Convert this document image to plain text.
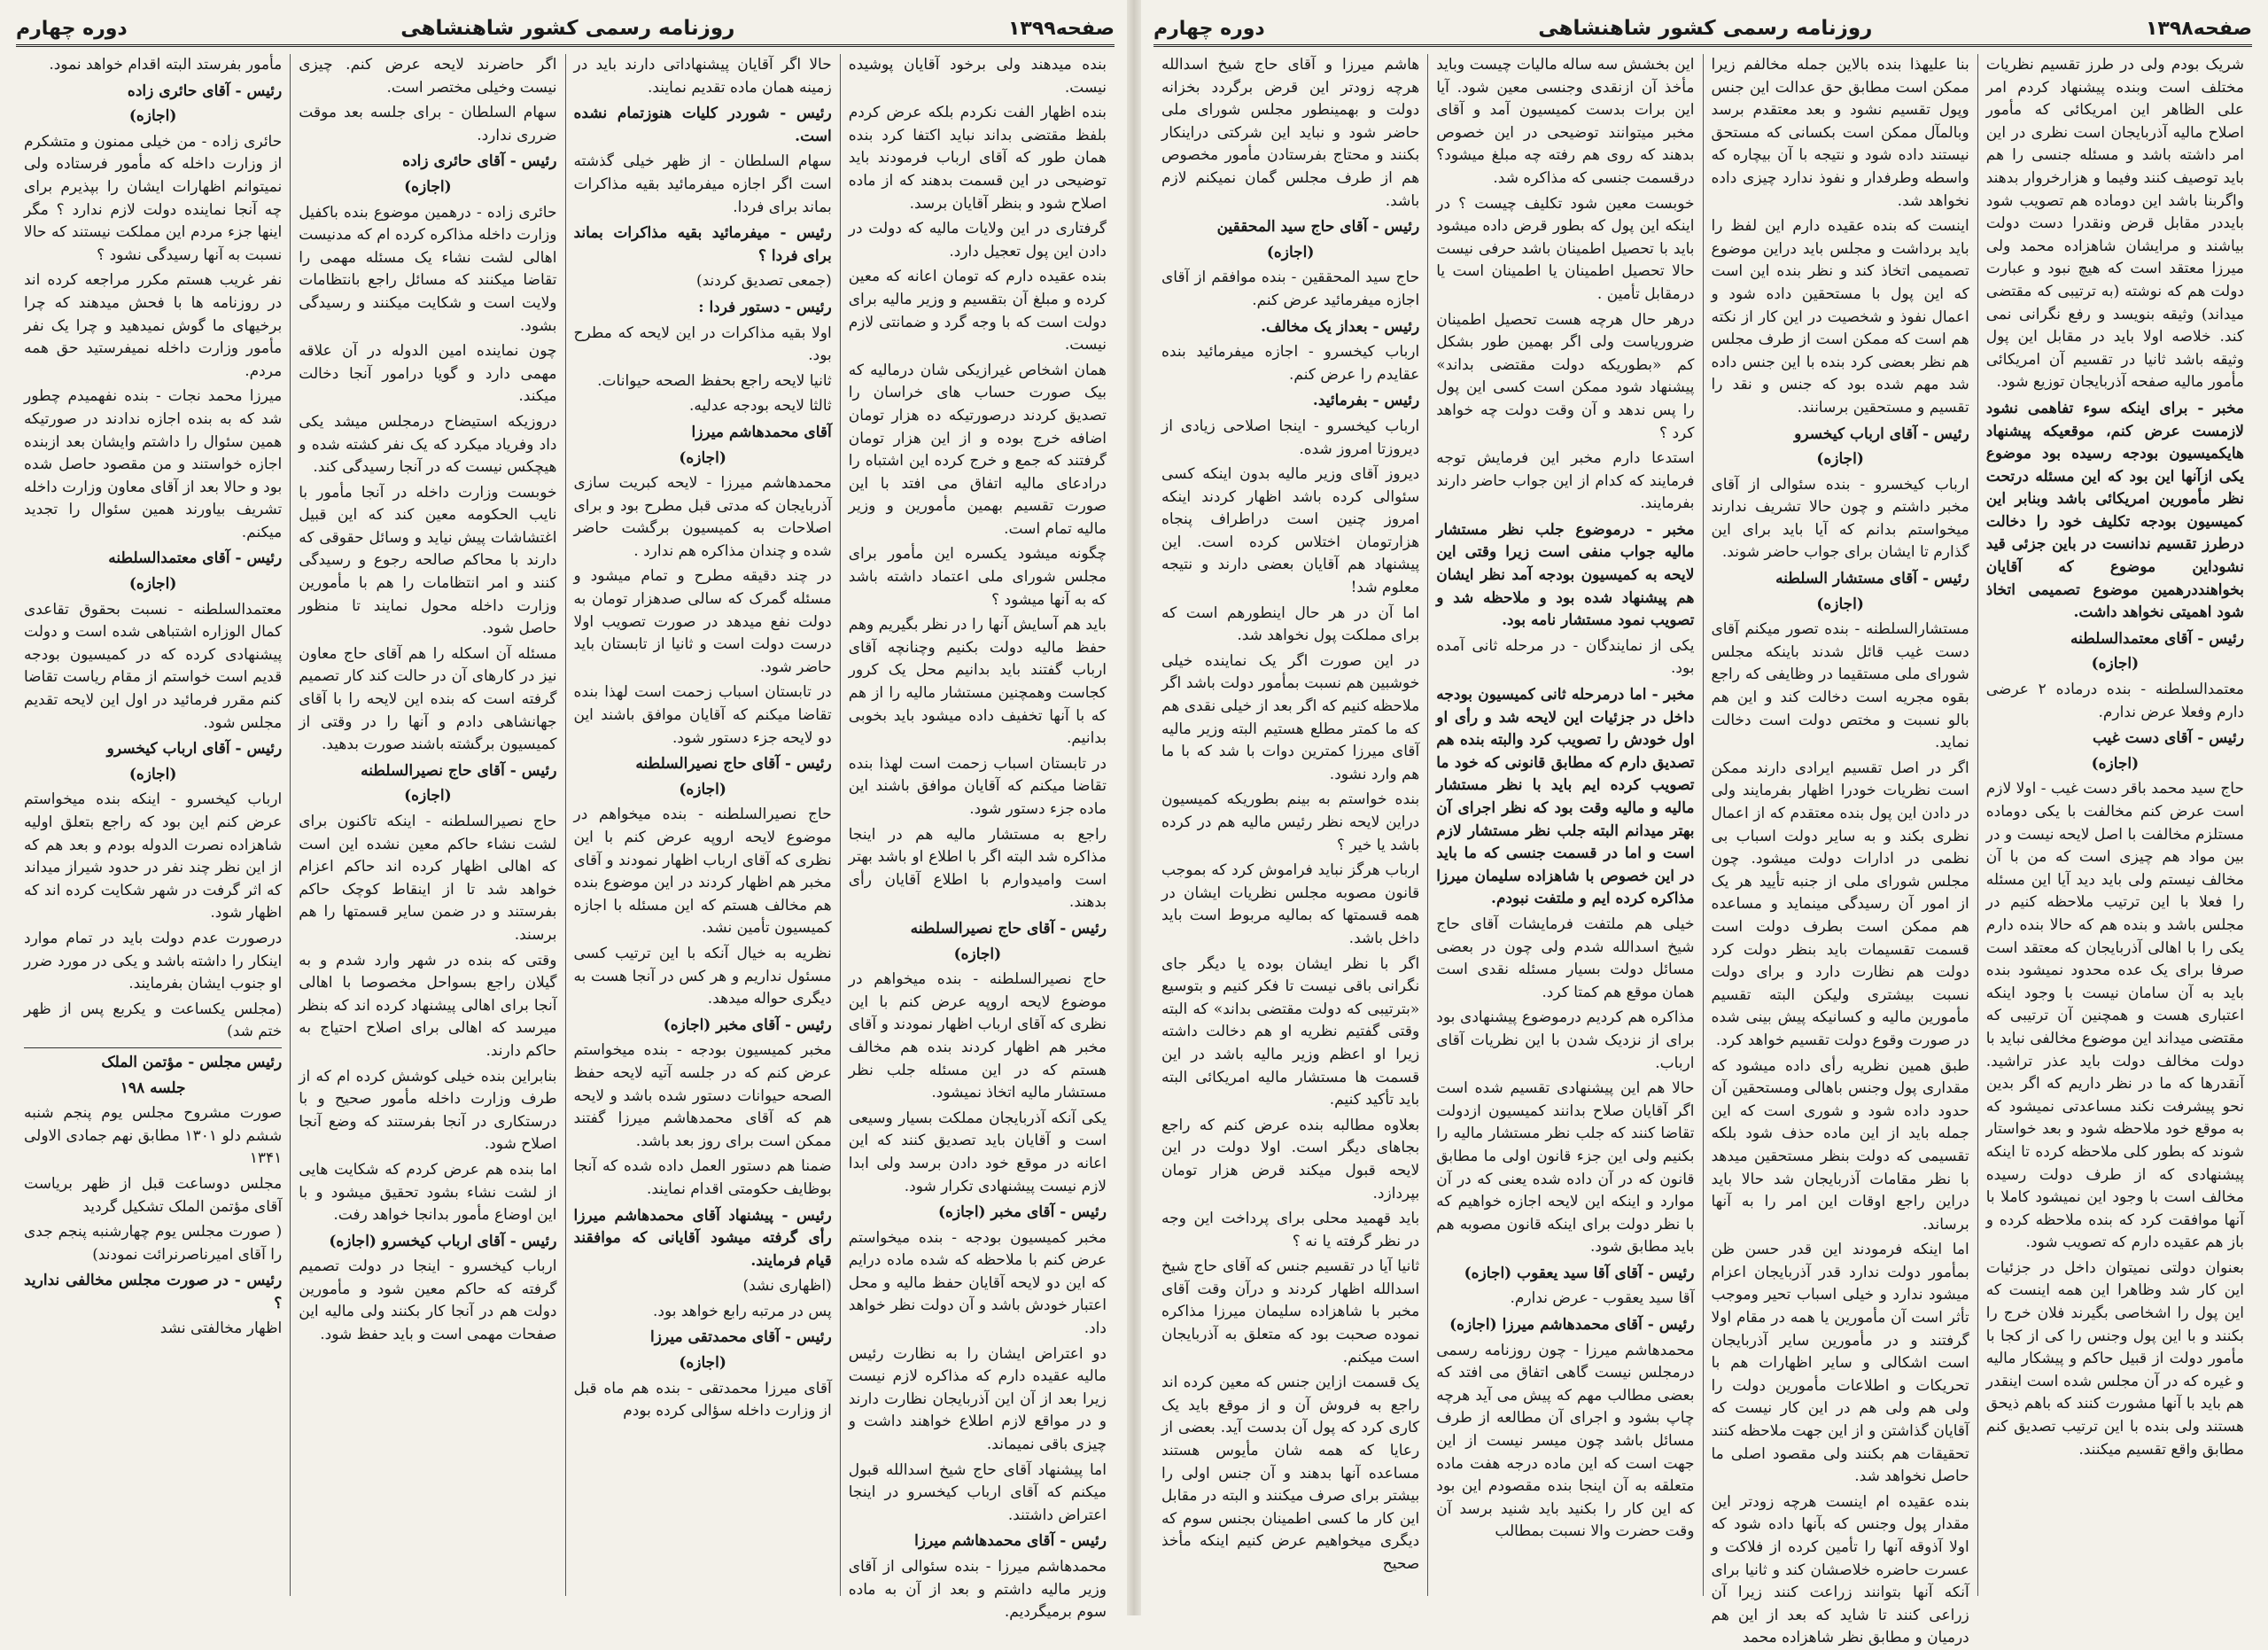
صفحه۱۳۹۸
روزنامه رسمی کشور شاهنشاهی
دوره چهارم

شریک بودم ولی در طرز تقسیم نظریات مختلف است وبنده پیشنهاد کردم امر علی الظاهر این امریکائی که مأمور اصلاح مالیه آذربایجان است نظری در این امر داشته باشد و مسئله جنسی را هم باید توصیف کنند وفیما و هزارخروار بدهند واگربنا باشد این دوماده هم تصویب شود بایددر مقابل قرض ونقدرا دست دولت بیاشند و مرایشان شاهزاده محمد ولی میرزا معتقد است که هیچ نبود و عبارت دولت هم که نوشته (به ترتیبی که مقتضی میداند) وثیقه بنویسد و رفع نگرانی نمی کند. خلاصه اولا باید در مقابل این پول وثیقه باشد ثانیا در تقسیم آن امریکائی مأمور مالیه صفحه آذربایجان توزیع شود.

مخبر - برای اینکه سوء تفاهمی نشود لازمست عرض کنم، موقعیکه پیشنهاد هایکمیسیون بودجه رسیده بود موضوع یکی ازآنها این بود که این مسئله درتحت نظر مأمورین امریکائی باشد وبنابر این کمیسیون بودجه تکلیف خود را دخالت درطرز تقسیم ندانست در باین جزئی قید نشوداین موضوع که آقایان بخواهنددرهمین موضوع تصمیمی اتخاذ شود اهمیتی نخواهد داشت.

رئیس - آقای معتمدالسلطنه

(اجازه)

معتمدالسلطنه - بنده درماده ۲ عرضی دارم وفعلا عرض ندارم.

رئیس - آقای دست غیب

(اجازه)

حاج سید محمد باقر دست غیب - اولا لازم است عرض کنم مخالفت با یکی دوماده مستلزم مخالفت با اصل لایحه نیست و در بین مواد هم چیزی است که من با آن مخالف نیستم ولی باید دید آیا این مسئله را فعلا با این ترتیب ملاحظه کنیم در مجلس باشد و بنده هم که حالا بنده دارم یکی را با اهالی آذربایجان که معتقد است صرفا برای یک عده محدود نمیشود بنده باید به آن سامان نیست با وجود اینکه اعتباری هست و همچنین آن ترتیبی که مقتضی میداند این موضوع مخالفی نباید با دولت مخالف دولت باید عذر تراشید. آنقدرها که ما در نظر داریم که اگر بدین نحو پیشرفت نکند مساعدتی نمیشود که به موقع خود ملاحظه شود و بعد خواستار شوند که بطور کلی ملاحظه کرده تا اینکه پیشنهادی که از طرف دولت رسیده مخالف است با وجود این نمیشود کاملا با آنها موافقت کرد که بنده ملاحظه کرده و باز هم عقیده دارم که تصویب شود.

بعنوان دولتی نمیتوان داخل در جزئیات این کار شد وظاهرا این همه اینست که این پول را اشخاصی بگیرند فلان خرج را بکنند و با این پول وجنس را کی از کجا با مأمور دولت از قبیل حاکم و پیشکار مالیه و غیره که در آن مجلس شده است اینقدر هم باید با آنها مشورت کنند که باهم ذیحق هستند ولی بنده با این ترتیب تصدیق کنم مطابق واقع تقسیم میکنند.

بنا علیهذا بنده بالاین جمله مخالفم زیرا ممکن است مطابق حق عدالت این جنس وپول تقسیم نشود و بعد معتقدم برسد وبالمآل ممکن است بکسانی که مستحق نیستند داده شود و نتیجه با آن بیچاره که واسطه وطرفدار و نفوذ ندارد چیزی داده نخواهد شد.

اینست که بنده عقیده دارم این لفظ را باید برداشت و مجلس باید دراین موضوع تصمیمی اتخاذ کند و نظر بنده این است که این پول با مستحقین داده شود و اعمال نفوذ و شخصیت در این کار از نکته هم است که ممکن است از طرف مجلس هم نظر بعضی کرد بنده با این جنس داده شد مهم شده بود که جنس و نقد را تقسیم و مستحقین برسانند.

رئیس - آقای ارباب کیخسرو

(اجازه)

ارباب کیخسرو - بنده سئوالی از آقای مخبر داشتم و چون حالا تشریف ندارند میخواستم بدانم که آیا باید برای این گذارم تا ایشان برای جواب حاضر شوند.

رئیس - آقای مستشار السلطنه

(اجازه)

مستشارالسلطنه - بنده تصور میکنم آقای دست غیب قائل شدند باینکه مجلس شورای ملی مستقیما در وظایفی که راجع بقوه مجریه است دخالت کند و این هم بالو نسبت و مختص دولت است دخالت نماید.

اگر در اصل تقسیم ایرادی دارند ممکن است نظریات خودرا اظهار بفرمایند ولی در دادن این پول بنده معتقدم که از اعمال نظری بکند و به ساير دولت اسباب بی نظمی در ادارات دولت میشود. چون مجلس شورای ملی از جنبه تأیید هر یک از امور آن رسیدگی مینماید و مساعده هم ممکن است بطرف دولت است قسمت تقسیمات باید بنظر دولت کرد دولت هم نظارت دارد و برای دولت نسبت بیشتری ولیکن البته تقسیم مأمورین مالیه و کسانیکه پیش بینی شده در صورت وقوع دولت تقسیم خواهد کرد.

طبق همین نظریه رأی داده میشود که مقداری پول وجنس باهالی ومستحقین آن حدود داده شود و شوری است که این جمله باید از این ماده حذف شود بلکه تقسیمی که دولت بنظر مستحقین میدهد با نظر مقامات آذربایجان شد حالا باید دراین راجع اوقات این امر را به آنها برساند.

اما اینکه فرمودند این قدر حسن ظن بمأمور دولت ندارد قدر آذربایجان اعزام میشود ندارد و خیلی اسباب تحیر وموجب تأثر است آن مأمورین یا همه در مقام اولا گرفتند و در مأمورین سایر آذربایجان است اشکالی و سایر اظهارات هم با تحریکات و اطلاعات مأمورین دولت را ولی هم ولی هم در این کار نیست که آقایان گذاشتن و از این جهت ملاحظه کنند تحقیقات هم بکنند ولی مقصود اصلی ما حاصل نخواهد شد.

بنده عقیده ام اینست هرچه زودتر این مقدار پول وجنس که بآنها داده شود که اولا آذوقه آنها را تأمین کرده از فلاکت و عسرت حاضره خلاصشان کند و ثانیا برای آنکه آنها بتوانند زراعت کنند زیرا آن زراعی کنند تا شاید که بعد از این هم درمیان و مطابق نظر شاهزاده محمد

این بخشش سه ساله مالیات چیست وباید مأخذ آن ازنقدی وجنسی معین شود. آیا این برات بدست کمیسیون آمد و آقای مخبر میتوانند توضیحی در این خصوص بدهند که روی هم رفته چه مبلغ میشود؟ درقسمت جنسی که مذاکره شد.

خوبست معین شود تکلیف چیست ؟ در اینکه این پول که بطور قرض داده میشود باید با تحصیل اطمینان باشد حرفی نیست حالا تحصیل اطمینان یا اطمینان است یا درمقابل تأمین .

درهر حال هرچه هست تحصیل اطمینان ضروریاست ولی اگر بهمین طور بشکل کم «بطوریکه دولت مقتضی بداند» پیشنهاد شود ممکن است کسی این پول را پس ندهد و آن وقت دولت چه خواهد کرد ؟

استدعا دارم مخبر این فرمایش توجه فرمایند که کدام از این جواب حاضر دارند بفرمایند.

مخبر - درموضوع جلب نظر مستشار مالیه جواب منفی است زیرا وقتی این لایحه به کمیسیون بودجه آمد نظر ایشان هم پیشنهاد شده بود و ملاحظه شد و تصویب نمود مستشار نامه بود.

یکی از نمایندگان - در مرحله ثانی آمده بود.

مخبر - اما درمرحله ثانی کمیسیون بودجه داخل در جزئیات این لایحه شد و رأی او اول خودش را تصویب کرد والبته بنده هم تصدیق دارم که مطابق قانونی که خود ما تصویب کرده ایم باید با نظر مستشار مالیه و مالیه وقت بود که نظر اجرای آن بهتر میدانم البته جلب نظر مستشار لازم است و اما در قسمت جنسی که ما باید در این خصوص با شاهزاده سلیمان میرزا مذاکره کرده ایم و ملتفت نبودم.

خیلی هم ملتفت فرمایشات آقای حاج شیخ اسدالله شدم ولی چون در بعضی مسائل دولت بسیار مسئله نقدی است همان موقع هم کمتا کرد.

مذاکره هم کردیم درموضوع پیشنهادی بود برای از نزدیک شدن با این نظریات آقای ارباب.

حالا هم این پیشنهادی تقسیم شده است اگر آقایان صلاح بدانند کمیسیون ازدولت تقاضا کنند که جلب نظر مستشار مالیه را بکنیم ولی این جزء قانون اولی ما مطابق قانون که در آن داده شده یعنی که در آن موارد و اینکه این لایحه اجازه خواهیم که با نظر دولت برای اینکه قانون مصوبه هم باید مطابق شود.

رئیس - آقای آقا سید یعقوب (اجازه)

آقا سید یعقوب - عرض ندارم.

رئیس - آقای محمدهاشم میرزا (اجازه)

محمدهاشم میرزا - چون روزنامه رسمی درمجلس نیست گاهی اتفاق می افتد که بعضی مطالب مهم که پیش می آید هرچه چاپ بشود و اجرای آن مطالعه از طرف مسائل باشد چون میسر نیست از این جهت است که این ماده درجه هفت ماده متعلقه به آن اینجا بنده مقصودم این بود که این کار را بکنید باید شنید برسد آن وقت حضرت والا نسبت بمطالب

هاشم میرزا و آقای حاج شیخ اسدالله هرچه زودتر این قرض برگردد بخزانه دولت و بهمینطور مجلس شورای ملی حاضر شود و نباید این شرکتی دراینکار بکنند و محتاج بفرستادن مأمور مخصوص هم از طرف مجلس گمان نمیکنم لازم باشد.

رئیس - آقای حاج سید المحققین

(اجازه)

حاج سید المحققین - بنده موافقم از آقای اجازه میفرمائید عرض کنم.

رئیس - بعداز یک مخالف.

ارباب کیخسرو - اجازه میفرمائید بنده عقایدم را عرض کنم.

رئیس - بفرمائید.

ارباب کیخسرو - اینجا اصلاحی زیادی از دیروزتا امروز شده.

دیروز آقای وزیر مالیه بدون اینکه کسی سئوالی کرده باشد اظهار کردند اینکه امروز چنین است دراطراف پنجاه هزارتومان اختلاس کرده است. این پیشنهاد هم آقایان بعضی دارند و نتیجه معلوم شد!

اما آن در هر حال اینطورهم است که برای مملکت پول نخواهد شد.

در این صورت اگر یک نماینده خیلی خوشبین هم نسبت بمأمور دولت باشد اگر ملاحظه کنیم که اگر بعد از خیلی نقدی هم که ما کمتر مطلع هستیم البته وزیر مالیه آقای میرزا کمترین دوات با شد که با ما هم وارد نشود.

بنده خواستم به بینم بطوریکه کمیسیون دراین لایحه نظر رئیس مالیه هم در کرده باشد یا خیر ؟

ارباب هرگز نباید فراموش کرد که بموجب قانون مصوبه مجلس نظریات ایشان در همه قسمتها که بمالیه مربوط است باید داخل باشد.

اگر با نظر ایشان بوده یا دیگر جای نگرانی باقی نیست تا فکر کنیم و بتوسیع «بترتیبی که دولت مقتضی بداند» که البته وقتی گفتیم نظریه او هم دخالت داشته زیرا او اعظم وزیر مالیه باشد در این قسمت ها مستشار مالیه امریکائی البته باید تأکید کنیم.

بعلاوه مطالبه بنده عرض کنم که راجع بجاهای دیگر است. اولا دولت در این لایحه قبول میکند قرض هزار تومان بپردازد.

باید قهمید محلی برای پرداخت این وجه در نظر گرفته یا نه ؟

ثانیا آیا در تقسیم جنس که آقای حاج شیخ اسدالله اظهار کردند و درآن وقت آقای مخبر با شاهزاده سلیمان میرزا مذاکره نموده صحبت بود که متعلق به آذربایجان است میکنم.

یک قسمت ازاین جنس که معین کرده اند راجع به فروش آن و از موقع باید یک کاری کرد که پول آن بدست آید. بعضی از رعایا که همه شان مأیوس هستند مساعده آنها بدهند و آن جنس اولی را بیشتر برای صرف میکنند و البته در مقابل این کار ما کسی اطمینان بجنس سوم که دیگری میخواهیم عرض کنیم اینکه مأخذ صحیح

صفحه۱۳۹۹
روزنامه رسمی کشور شاهنشاهی
دوره چهارم

بنده میدهند ولی برخود آقایان پوشیده نیست.

بنده اظهار الفت نکردم بلکه عرض کردم بلفظ مقتضی بداند نباید اکتفا کرد بنده همان طور که آقای ارباب فرمودند باید توضیحی در این قسمت بدهند که از ماده اصلاح شود و بنظر آقایان برسد.

گرفتاری در این ولایات مالیه که دولت در دادن این پول تعجیل دارد.

بنده عقیده دارم که تومان اعانه که معین کرده و مبلغ آن بتقسیم و وزیر مالیه برای دولت است که با وجه گرد و ضمانتی لازم نیست.

همان اشخاص غیرازیکی شان درمالیه که بیک صورت حساب های خراسان را تصدیق کردند درصورتیکه ده هزار تومان اضافه خرج بوده و از این هزار تومان گرفتند که جمع و خرج کرده این اشتباه را درادعای مالیه اتفاق می افتد با این صورت تقسیم بهمین مأمورین و وزیر مالیه تمام است.

چگونه میشود یکسره این مأمور برای مجلس شورای ملی اعتماد داشته باشد که به آنها میشود ؟

باید هم آسایش آنها را در نظر بگیریم وهم حفظ مالیه دولت بکنیم وچنانچه آقای ارباب گفتند باید بدانیم محل یک کرور کجاست وهمچنین مستشار مالیه را از هم که با آنها تخفیف داده میشود باید بخوبی بدانیم.

در تابستان اسباب زحمت است لهذا بنده تقاضا میکنم که آقایان موافق باشند این ماده جزء دستور شود.

راجع به مستشار مالیه هم در اینجا مذاکره شد البته اگر با اطلاع او باشد بهتر است وامیدوارم با اطلاع آقایان رأی بدهند.

رئیس - آقای حاج نصیرالسلطنه

(اجازه)

حاج نصیرالسلطنه - بنده میخواهم در موضوع لایحه اروپه عرض کنم با این نظری که آقای ارباب اظهار نمودند و آقای مخبر هم اظهار کردند بنده هم مخالف هستم که در این مسئله جلب نظر مستشار مالیه اتخاذ نمیشود.

یکی آنکه آذربایجان مملکت بسیار وسیعی است و آقایان باید تصدیق کنند که این اعانه در موقع خود دادن برسد ولی ابدا لازم نیست پیشنهادی تکرار شود.

رئیس - آقای مخبر (اجازه)

مخبر کمیسیون بودجه - بنده میخواستم عرض کنم با ملاحظه که شده ماده درایم که این دو لایحه آقایان حفظ مالیه و محل اعتبار خودش باشد و آن دولت نظر خواهد داد.

دو اعتراض ایشان را به نظارت رئیس مالیه عقیده دارم که مذاکره لازم نیست زیرا بعد از آن این آذربایجان نظارت دارند و در مواقع لازم اطلاع خواهند داشت و چیزی باقی نمیماند.

اما پیشنهاد آقای حاج شیخ اسدالله قبول میکنم که آقای ارباب کیخسرو در اینجا اعتراض داشتند.

رئیس - آقای محمدهاشم میرزا

محمدهاشم میرزا - بنده سئوالی از آقای وزیر مالیه داشتم و بعد از آن به ماده سوم برمیگردیم.

حالا اگر آقایان پیشنهاداتی دارند باید در زمینه همان ماده تقدیم نمایند.

رئیس - شوردر کلیات هنوزتمام نشده است.

سهام السلطان - از ظهر خیلی گذشته است اگر اجازه میفرمائید بقیه مذاکرات بماند برای فردا.

رئیس - میفرمائید بقیه مذاکرات بماند برای فردا ؟

(جمعی تصدیق کردند)

رئیس - دستور فردا :

اولا بقیه مذاکرات در این لایحه که مطرح بود.

ثانیا لایحه راجع بحفظ الصحه حیوانات.

ثالثا لایحه بودجه عدلیه.

آقای محمدهاشم میرزا

(اجازه)

محمدهاشم میرزا - لایحه کبریت سازی آذربایجان که مدتی قبل مطرح بود و برای اصلاحات به کمیسیون برگشت حاضر شده و چندان مذاکره هم ندارد .

در چند دقیقه مطرح و تمام میشود و مسئله گمرک که سالی صدهزار تومان به دولت نفع میدهد در صورت تصویب اولا درست دولت است و ثانیا از تابستان باید حاضر شود.

در تابستان اسباب زحمت است لهذا بنده تقاضا میکنم که آقایان موافق باشند این دو لایحه جزء دستور شود.

رئیس - آقای حاج نصیرالسلطنه

(اجازه)

حاج نصیرالسلطنه - بنده میخواهم در موضوع لایحه اروپه عرض کنم با این نظری که آقای ارباب اظهار نمودند و آقای مخبر هم اظهار کردند در این موضوع بنده هم مخالف هستم که این مسئله با اجازه کمیسیون تأمین نشد.

نظریه به خیال آنکه با این ترتیب کسی مسئول نداریم و هر کس در آنجا هست به دیگری حواله میدهد.

رئیس - آقای مخبر (اجازه)

مخبر کمیسیون بودجه - بنده میخواستم عرض کنم که در جلسه آتیه لایحه حفظ الصحه حیوانات دستور شده باشد و لایحه هم که آقای محمدهاشم میرزا گفتند ممکن است برای روز بعد باشد.

ضمنا هم دستور العمل داده شده که آنجا بوظایف حکومتی اقدام نمایند.

رئیس - پیشنهاد آقای محمدهاشم میرزا رأی گرفته میشود آقایانی که موافقند قیام فرمایند.

(اظهاری نشد)

پس در مرتبه رابع خواهد بود.

رئیس - آقای محمدتقی میرزا

(اجازه)

آقای میرزا محمدتقی - بنده هم ماه قبل از وزارت داخله سؤالی کرده بودم

اگر حاضرند لایحه عرض کنم. چیزی نیست وخیلی مختصر است.

سهام السلطان - برای جلسه بعد موقت ضرری ندارد.

رئیس - آقای حائری زاده

(اجازه)

حائری زاده - درهمین موضوع بنده باکفیل وزارت داخله مذاکره کرده ام که مدنیست اهالی لشت نشاء یک مسئله مهمی را تقاضا میکنند که مسائل راجع بانتظامات ولایت است و شکایت میکنند و رسیدگی بشود.

چون نماینده امین الدوله در آن علاقه مهمی دارد و گویا درامور آنجا دخالت میکند.

دروزیکه استیضاح درمجلس میشد یکی داد وفریاد میکرد که یک نفر کشته شده و هیچکس نیست که در آنجا رسیدگی کند.

خوبست وزارت داخله در آنجا مأمور با نایب الحکومه معین کند که این قبیل اغتشاشات پیش نیاید و وسائل حقوقی که دارند با محاکم صالحه رجوع و رسیدگی کنند و امر انتظامات را هم با مأمورین وزارت داخله محول نمایند تا منظور حاصل شود.

مسئله آن اسکله را هم آقای حاج معاون نیز در کارهای آن در حالت کند کار تصمیم گرفته است که بنده این لایحه را با آقای جهانشاهی دادم و آنها را در وقتی از کمیسیون برگشته باشند صورت بدهید.

رئیس - آقای حاج نصیرالسلطنه

(اجازه)

حاج نصیرالسلطنه - اینکه تاکنون برای لشت نشاء حاکم معین نشده این است که اهالی اظهار کرده اند حاکم اعزام خواهد شد تا از اینقاط کوچک حاکم بفرستند و در ضمن سایر قسمتها را هم برسند.

وقتی که بنده در شهر وارد شدم و به گیلان راجع بسواحل مخصوصا با اهالی آنجا برای اهالی پیشنهاد کرده اند که بنظر میرسد که اهالی برای اصلاح احتیاج به حاکم دارند.

بنابراین بنده خیلی کوشش کرده ام که از طرف وزارت داخله مأمور صحیح و با درستکاری در آنجا بفرستند که وضع آنجا اصلاح شود.

اما بنده هم عرض کردم که شکایت هایی از لشت نشاء بشود تحقیق میشود و با این اوضاع مأمور بدانجا خواهد رفت.

رئیس - آقای ارباب کیخسرو (اجازه)

ارباب کیخسرو - اینجا در دولت تصمیم گرفته که حاکم معین شود و مأمورین دولت هم در آنجا کار بکنند ولی مالیه این صفحات مهمی است و باید حفظ شود.

مأمور بفرستد البته اقدام خواهد نمود.

رئیس - آقای حائری زاده

(اجازه)

حائری زاده - من خیلی ممنون و متشکرم از وزارت داخله که مأمور فرستاده ولی نمیتوانم اظهارات ایشان را بپذیرم برای چه آنجا نماینده دولت لازم ندارد ؟ مگر اینها جزء مردم این مملکت نیستند که حالا نسبت به آنها رسیدگی نشود ؟

نفر غریب هستم مکرر مراجعه کرده اند در روزنامه ها با فحش میدهند که چرا برخیهای ما گوش نمیدهید و چرا یک نفر مأمور وزارت داخله نمیفرستید حق همه مردم.

میرزا محمد نجات - بنده نفهمیدم چطور شد که به بنده اجازه ندادند در صورتیکه همین سئوال را داشتم وایشان بعد ازبنده اجازه خواستند و من مقصود حاصل شده بود و حالا بعد از آقای معاون وزارت داخله تشریف بیاورند همین سئوال را تجدید میکنم.

رئیس - آقای معتمدالسلطنه

(اجازه)

معتمدالسلطنه - نسبت بحقوق تقاعدی کمال الوزاره اشتباهی شده است و دولت پیشنهادی کرده که در کمیسیون بودجه قدیم است خواستم از مقام ریاست تقاضا کنم مقرر فرمائید در اول این لایحه تقدیم مجلس شود.

رئیس - آقای ارباب کیخسرو

(اجازه)

ارباب کیخسرو - اینکه بنده میخواستم عرض کنم این بود که راجع بتعلق اولیه شاهزاده نصرت الدوله بودم و بعد هم که از این نظر چند نفر در حدود شیراز میداند که اثر گرفت در شهر شکایت کرده اند که اظهار شود.

درصورت عدم دولت باید در تمام موارد اینکار را داشته باشد و یکی در مورد ضرر او جنوب ایشان بفرمایند.

(مجلس یکساعت و یکربع پس از ظهر ختم شد)

رئیس مجلس - مؤتمن الملک

جلسه ۱۹۸

صورت مشروح مجلس یوم پنجم شنبه ششم دلو ۱۳۰۱ مطابق نهم جمادی الاولی ۱۳۴۱

مجلس دوساعت قبل از ظهر بریاست آقای مؤتمن الملک تشکیل گردید

( صورت مجلس یوم چهارشنبه پنجم جدی را آقای امیرناصرنرائت نمودند)

رئیس - در صورت مجلس مخالفی ندارید ؟

اظهار مخالفتی نشد
